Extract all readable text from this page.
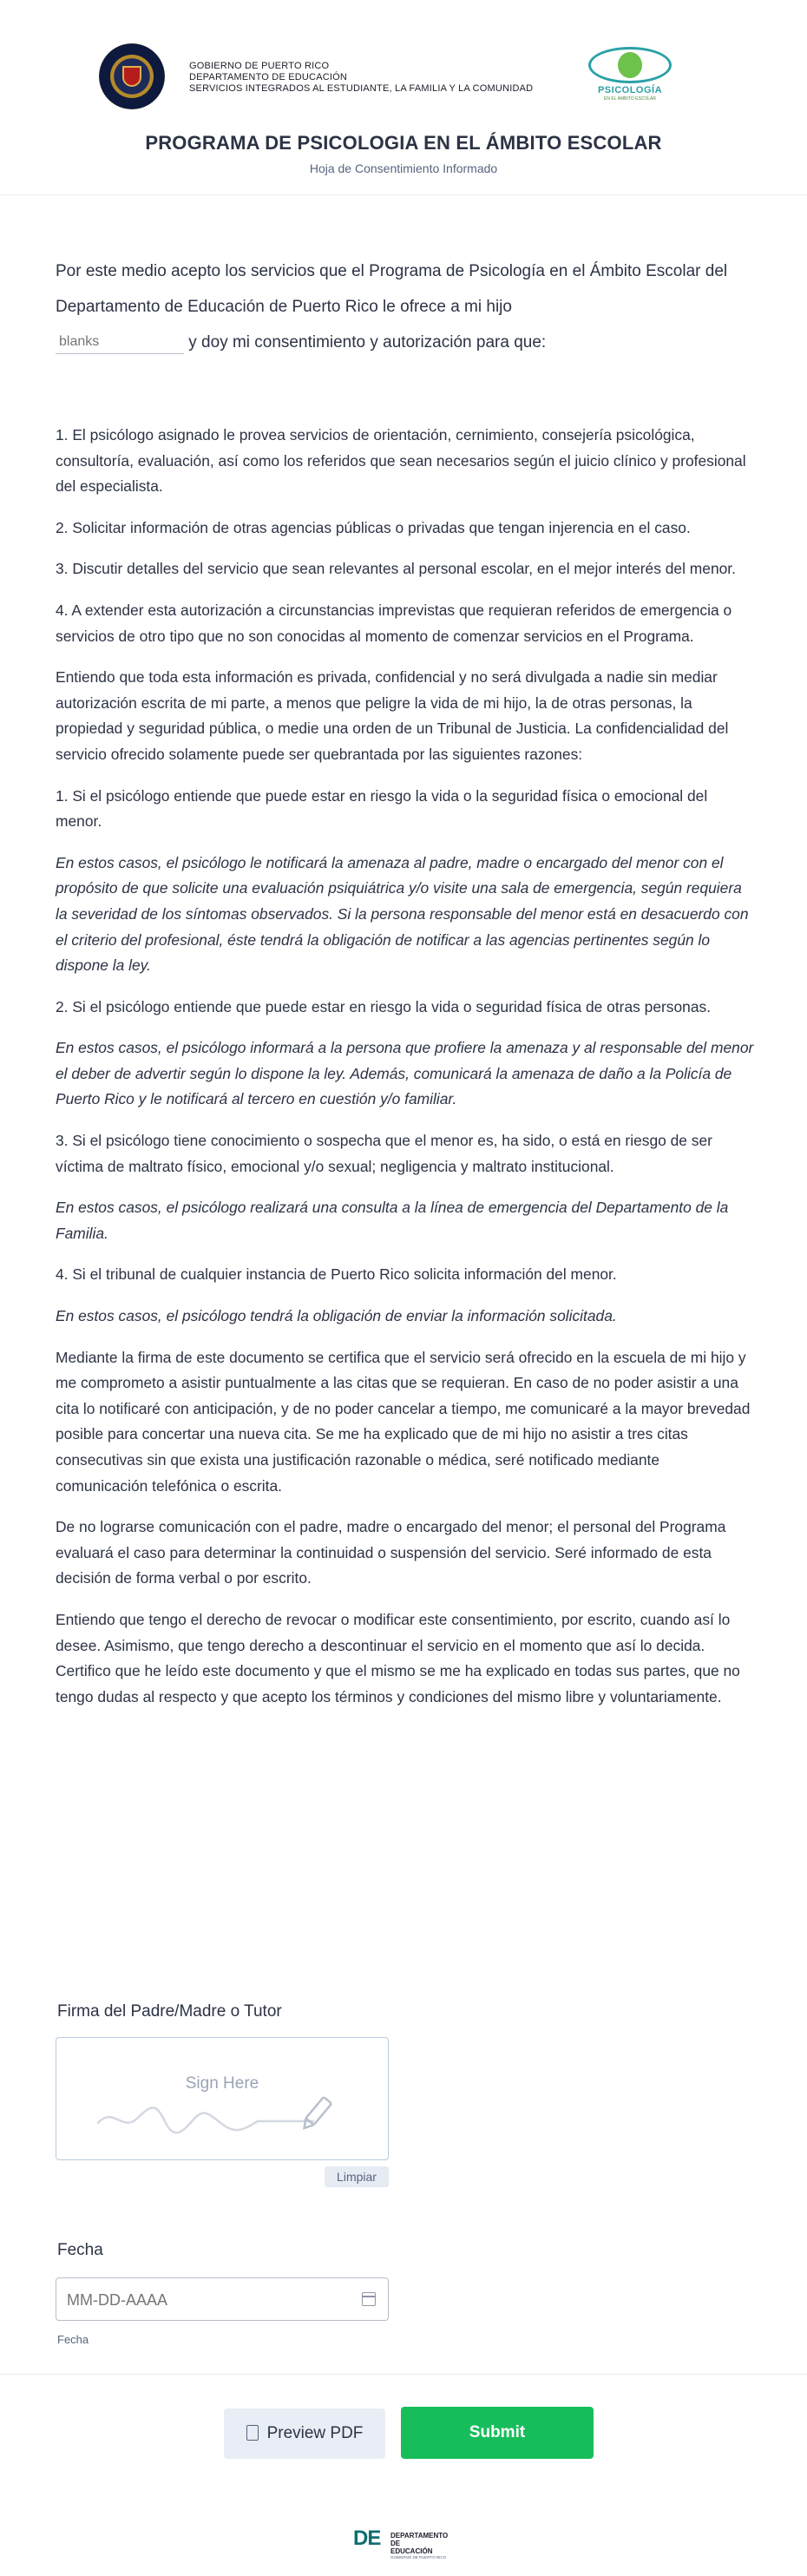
GOBIERNO DE PUERTO RICO
DEPARTAMENTO DE EDUCACIÓN
SERVICIOS INTEGRADOS AL ESTUDIANTE, LA FAMILIA Y LA COMUNIDAD	PSICOLOGÍA
EN EL ÁMBITO ESCOLAR
PROGRAMA DE PSICOLOGIA EN EL ÁMBITO ESCOLAR
Hoja de Consentimiento Informado
Por este medio acepto los servicios que el Programa de Psicología en el Ámbito Escolar del Departamento de Educación de Puerto Rico le ofrece a mi hijo
blanks y doy mi consentimiento y autorización para que:

1. El psicólogo asignado le provea servicios de orientación, cernimiento, consejería psicológica, consultoría, evaluación, así como los referidos que sean necesarios según el juicio clínico y profesional del especialista.

2. Solicitar información de otras agencias públicas o privadas que tengan injerencia en el caso.

3. Discutir detalles del servicio que sean relevantes al personal escolar, en el mejor interés del menor.

4. A extender esta autorización a circunstancias imprevistas que requieran referidos de emergencia o servicios de otro tipo que no son conocidas al momento de comenzar servicios en el Programa.

Entiendo que toda esta información es privada, confidencial y no será divulgada a nadie sin mediar autorización escrita de mi parte, a menos que peligre la vida de mi hijo, la de otras personas, la propiedad y seguridad pública, o medie una orden de un Tribunal de Justicia. La confidencialidad del servicio ofrecido solamente puede ser quebrantada por las siguientes razones:

1. Si el psicólogo entiende que puede estar en riesgo la vida o la seguridad física o emocional del menor.

En estos casos, el psicólogo le notificará la amenaza al padre, madre o encargado del menor con el propósito de que solicite una evaluación psiquiátrica y/o visite una sala de emergencia, según requiera la severidad de los síntomas observados. Si la persona responsable del menor está en desacuerdo con el criterio del profesional, éste tendrá la obligación de notificar a las agencias pertinentes según lo dispone la ley.

2. Si el psicólogo entiende que puede estar en riesgo la vida o seguridad física de otras personas.

En estos casos, el psicólogo informará a la persona que profiere la amenaza y al responsable del menor el deber de advertir según lo dispone la ley. Además, comunicará la amenaza de daño a la Policía de Puerto Rico y le notificará al tercero en cuestión y/o familiar.

3. Si el psicólogo tiene conocimiento o sospecha que el menor es, ha sido, o está en riesgo de ser víctima de maltrato físico, emocional y/o sexual; negligencia y maltrato institucional.

En estos casos, el psicólogo realizará una consulta a la línea de emergencia del Departamento de la Familia.

4. Si el tribunal de cualquier instancia de Puerto Rico solicita información del menor.

En estos casos, el psicólogo tendrá la obligación de enviar la información solicitada.

Mediante la firma de este documento se certifica que el servicio será ofrecido en la escuela de mi hijo y me comprometo a asistir puntualmente a las citas que se requieran. En caso de no poder asistir a una cita lo notificaré con anticipación, y de no poder cancelar a tiempo, me comunicaré a la mayor brevedad posible para concertar una nueva cita. Se me ha explicado que de mi hijo no asistir a tres citas consecutivas sin que exista una justificación razonable o médica, seré notificado mediante comunicación telefónica o escrita.

De no lograrse comunicación con el padre, madre o encargado del menor; el personal del Programa evaluará el caso para determinar la continuidad o suspensión del servicio. Seré informado de esta decisión de forma verbal o por escrito.

Entiendo que tengo el derecho de revocar o modificar este consentimiento, por escrito, cuando así lo desee. Asimismo, que tengo derecho a descontinuar el servicio en el momento que así lo decida. Certifico que he leído este documento y que el mismo se me ha explicado en todas sus partes, que no tengo dudas al respecto y que acepto los términos y condiciones del mismo libre y voluntariamente.

Firma del Padre/Madre o Tutor
Sign Here
Limpiar
Fecha
MM-DD-AAAA
Fecha
Preview PDF	Submit
DE DEPARTAMENTO DE
EDUCACIÓN
GOBIERNO DE PUERTO RICO
